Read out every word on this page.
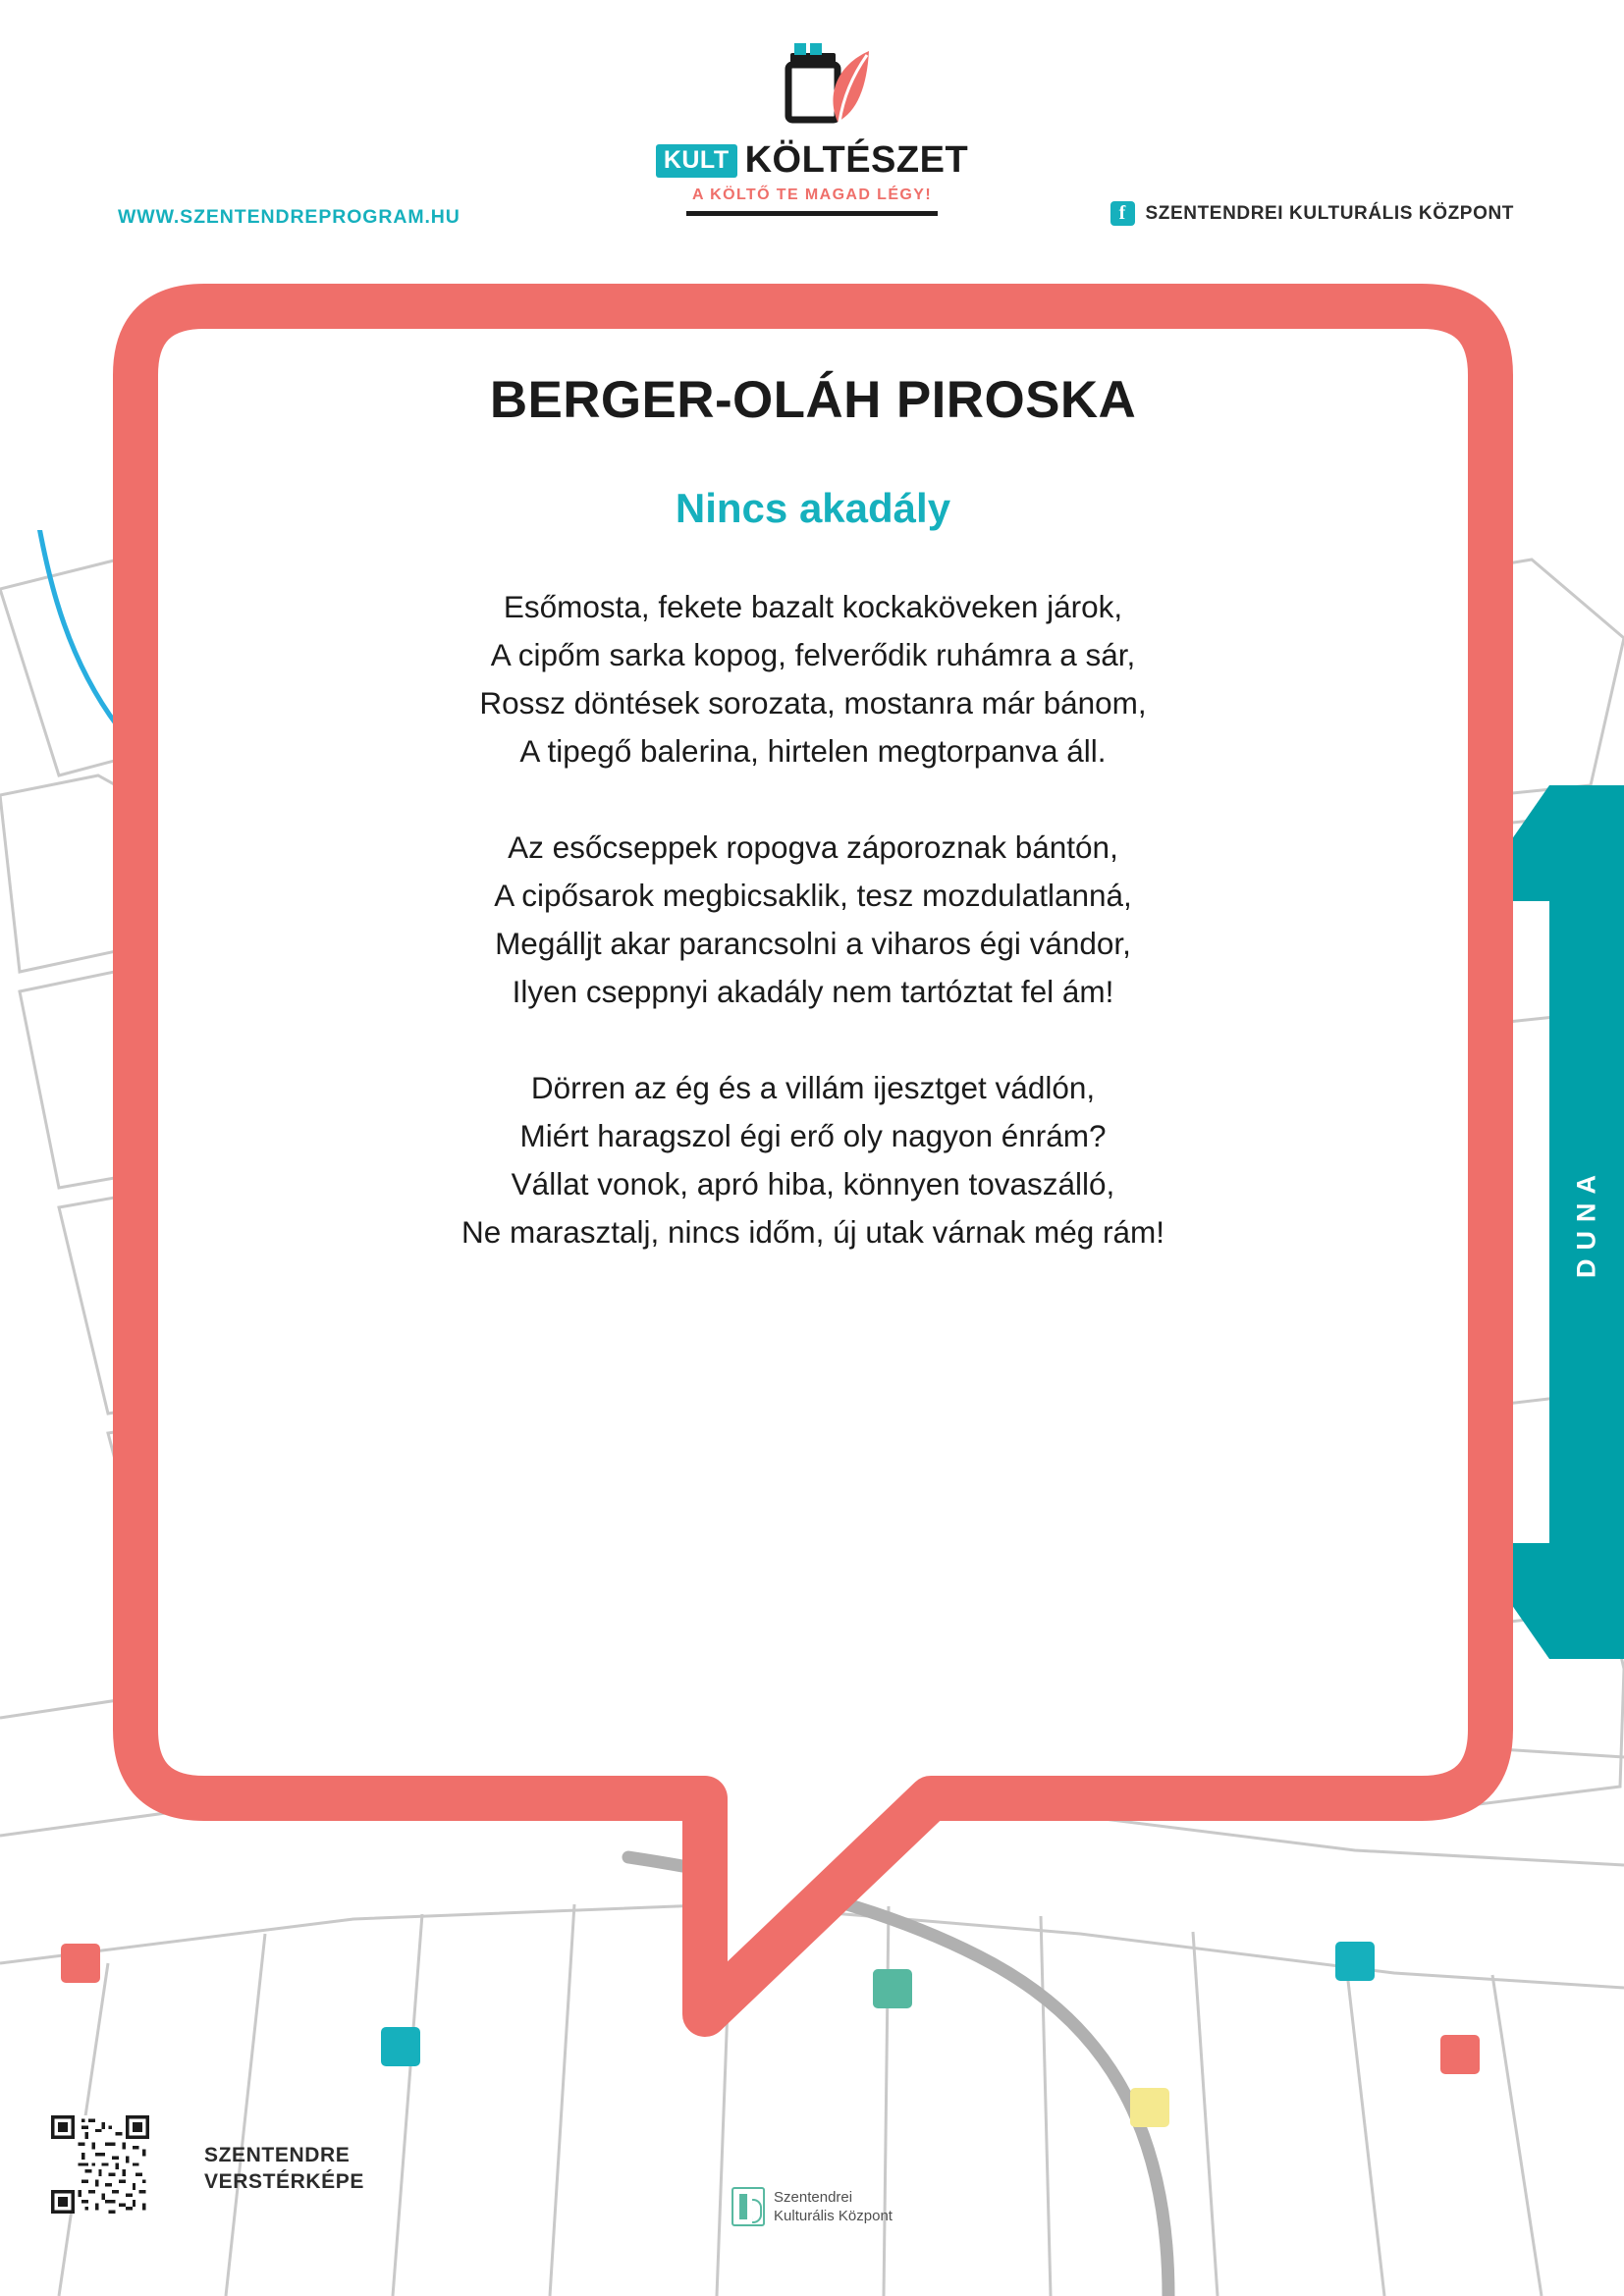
DUNA
WWW.SZENTENDREPROGRAM.HU	f	SZENTENDREI KULTURÁLIS KÖZPONT
KULT KÖLTÉSZET
A KÖLTŐ TE MAGAD LÉGY!
BERGER-OLÁH PIROSKA
Nincs akadály
Esőmosta, fekete bazalt kockaköveken járok,
A cipőm sarka kopog, felverődik ruhámra a sár,
Rossz döntések sorozata, mostanra már bánom,
A tipegő balerina, hirtelen megtorpanva áll.
Az esőcseppek ropogva záporoznak bántón,
A cipősarok megbicsaklik, tesz mozdulatlanná,
Megálljt akar parancsolni a viharos égi vándor,
Ilyen cseppnyi akadály nem tartóztat fel ám!
Dörren az ég és a villám ijesztget vádlón,
Miért haragszol égi erő oly nagyon énrám?
Vállat vonok, apró hiba, könnyen tovaszálló,
Ne marasztalj, nincs időm, új utak várnak még rám!
SZENTENDRE
VERSTÉRKÉPE
Szentendrei
Kulturális Központ
